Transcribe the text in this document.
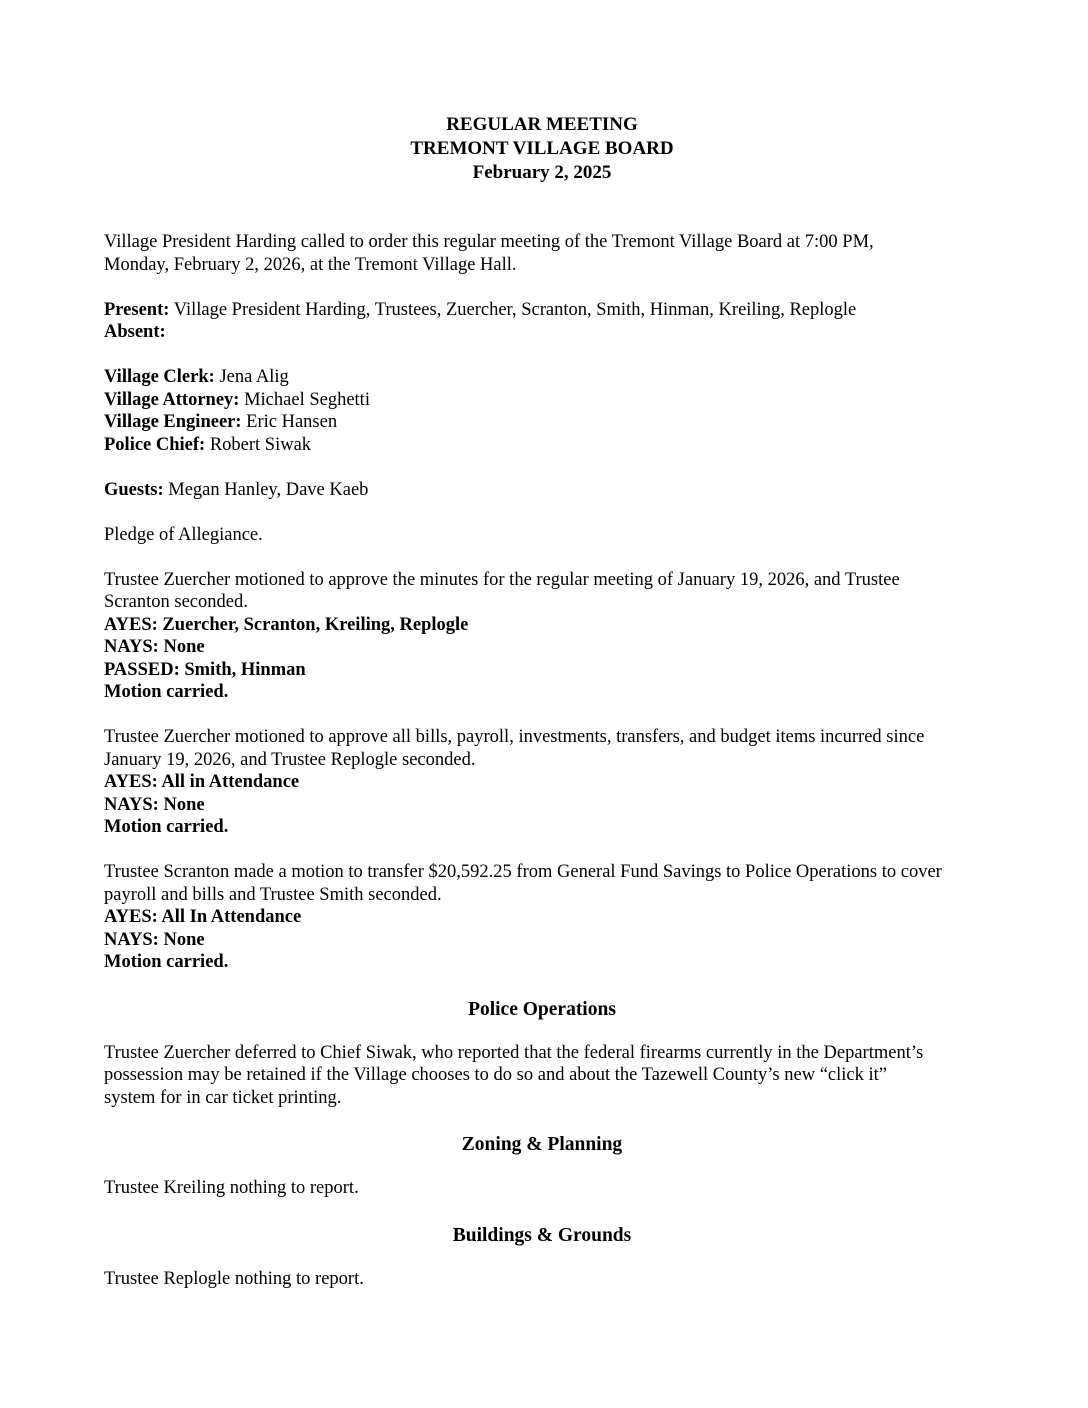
REGULAR MEETING
TREMONT VILLAGE BOARD
February 2, 2025

Village President Harding called to order this regular meeting of the Tremont Village Board at 7:00 PM,
Monday, February 2, 2026, at the Tremont Village Hall.

Present: Village President Harding, Trustees, Zuercher, Scranton, Smith, Hinman, Kreiling, Replogle
Absent:

Village Clerk: Jena Alig
Village Attorney: Michael Seghetti
Village Engineer: Eric Hansen
Police Chief: Robert Siwak

Guests: Megan Hanley, Dave Kaeb

Pledge of Allegiance.

Trustee Zuercher motioned to approve the minutes for the regular meeting of January 19, 2026, and Trustee
Scranton seconded.
AYES: Zuercher, Scranton, Kreiling, Replogle
NAYS: None
PASSED: Smith, Hinman
Motion carried.

Trustee Zuercher motioned to approve all bills, payroll, investments, transfers, and budget items incurred since
January 19, 2026, and Trustee Replogle seconded.
AYES: All in Attendance
NAYS: None
Motion carried.

Trustee Scranton made a motion to transfer $20,592.25 from General Fund Savings to Police Operations to cover
payroll and bills and Trustee Smith seconded.
AYES: All In Attendance
NAYS: None
Motion carried.

Police Operations

Trustee Zuercher deferred to Chief Siwak, who reported that the federal firearms currently in the Department’s
possession may be retained if the Village chooses to do so and about the Tazewell County’s new “click it”
system for in car ticket printing.

Zoning & Planning

Trustee Kreiling nothing to report.

Buildings & Grounds

Trustee Replogle nothing to report.
